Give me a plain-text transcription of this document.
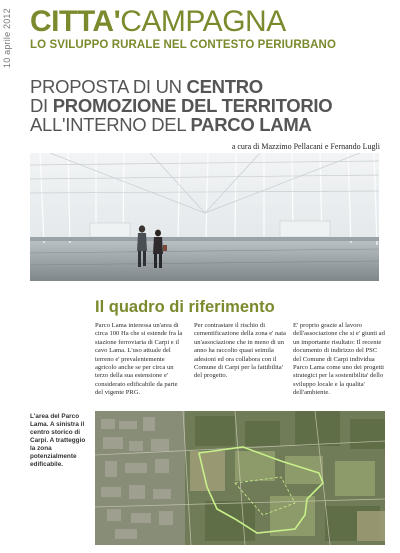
10 aprile 2012 CITTA'CAMPAGNA
LO SVILUPPO RURALE NEL CONTESTO PERIURBANO
PROPOSTA DI UN CENTRO
DI PROMOZIONE DEL TERRITORIO
ALL'INTERNO DEL PARCO LAMA
a cura di Mazzimo Pellacani e Fernando Lugli
Il quadro di riferimento
Parco Lama interessa un'area di circa 100 Ha che si estende fra la stazione ferroviaria di Carpi e il cavo Lama. L'uso attuale del terreno e' prevalentemente agricolo anche se per circa un terzo della sua estensione e' considerato edificabile da parte del vigente PRG.
Per contrastare il rischio di cementificazione della zona e' nata un'associazione che in meno di un anno ha raccolto quasi seimila adesioni ed ora collabora con il Comune di Carpi per la fattibilita' del progetto.
E' proprio grazie al lavoro dell'associazione che si e' giunti ad un importante risultato: Il recente documento di indirizzo del PSC del Comune di Carpi individua Parco Lama come uno dei progetti strategici per la sostenibilita' dello sviluppo locale e la qualita' dell'ambiente.
L'area del Parco Lama. A sinistra il centro storico di Carpi. A tratteggio la zona potenzialmente edificabile.
